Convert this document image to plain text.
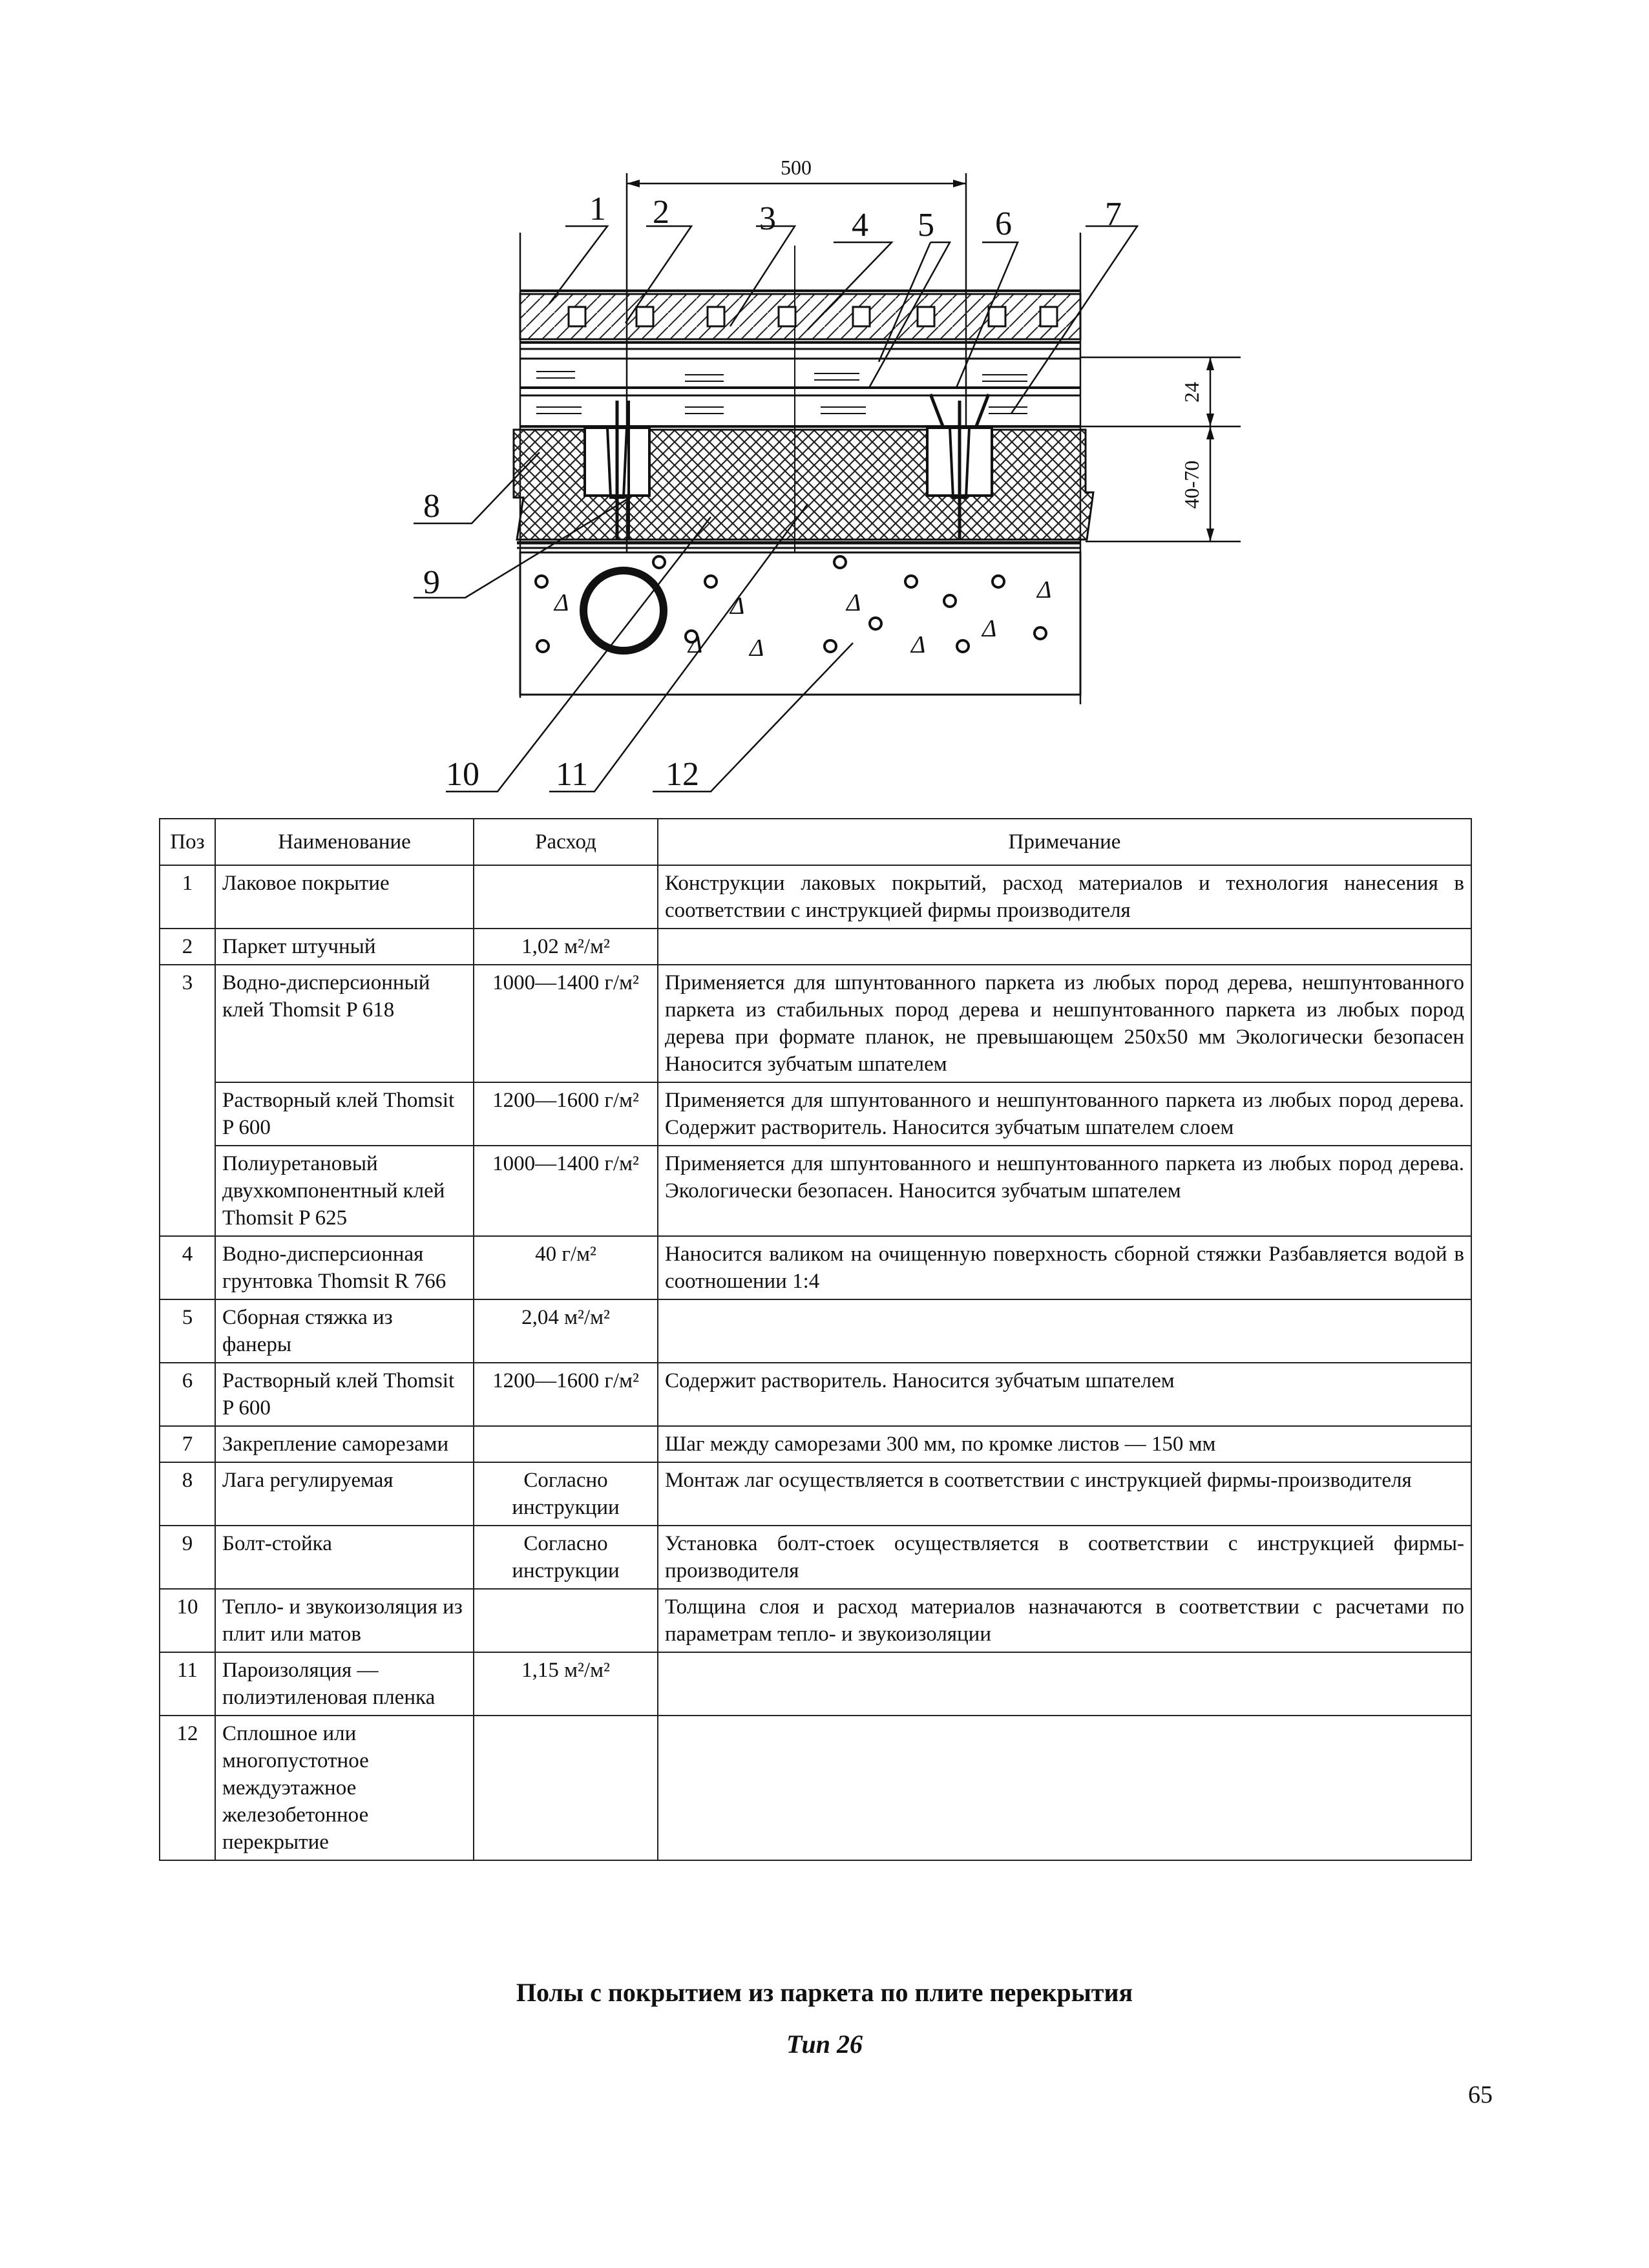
500
Δ	Δ
Δ Δ
Δ
Δ
Δ
Δ
24
40-70
1 2	3 4 5 6	7
8
9
10 11 12
Поз	Наименование	Расход	Примечание
1	Лаковое покрытие		Конструкции лаковых покрытий, расход материалов и технология нанесения в соответствии с инструкцией фирмы производителя
2	Паркет штучный	1,02 м²/м²	
3	Водно-дисперсионный клей Thomsit P 618	1000—1400 г/м²	Применяется для шпунтованного паркета из любых пород дерева, нешпунтованного паркета из стабильных пород дерева и нешпунтованного паркета из любых пород дерева при формате планок, не превышающем 250х50 мм Экологически безопасен Наносится зубчатым шпателем
	Растворный клей Thomsit P 600	1200—1600 г/м²	Применяется для шпунтованного и нешпунтованного паркета из любых пород дерева. Содержит растворитель. Наносится зубчатым шпателем слоем
	Полиуретановый двухкомпонентный клей Thomsit P 625	1000—1400 г/м²	Применяется для шпунтованного и нешпунтованного паркета из любых пород дерева. Экологически безопасен. Наносится зубчатым шпателем
4	Водно-дисперсионная грунтовка Thomsit R 766	40 г/м²	Наносится валиком на очищенную поверхность сборной стяжки Разбавляется водой в соотношении 1:4
5	Сборная стяжка из фанеры	2,04 м²/м²	
6	Растворный клей Thomsit P 600	1200—1600 г/м²	Содержит растворитель. Наносится зубчатым шпателем
7	Закрепление саморезами		Шаг между саморезами 300 мм, по кромке листов — 150 мм
8	Лага регулируемая	Согласно инструкции	Монтаж лаг осуществляется в соответствии с инструкцией фирмы-производителя
9	Болт-стойка	Согласно инструкции	Установка болт-стоек осуществляется в соответствии с инструкцией фирмы-производителя
10	Тепло- и звукоизоляция из плит или матов		Толщина слоя и расход материалов назначаются в соответствии с расчетами по параметрам тепло- и звукоизоляции
11	Пароизоляция — полиэтиленовая пленка	1,15 м²/м²	
12	Сплошное или многопустотное междуэтажное железобетонное перекрытие		
Полы с покрытием из паркета по плите перекрытия
Тип 26
65
